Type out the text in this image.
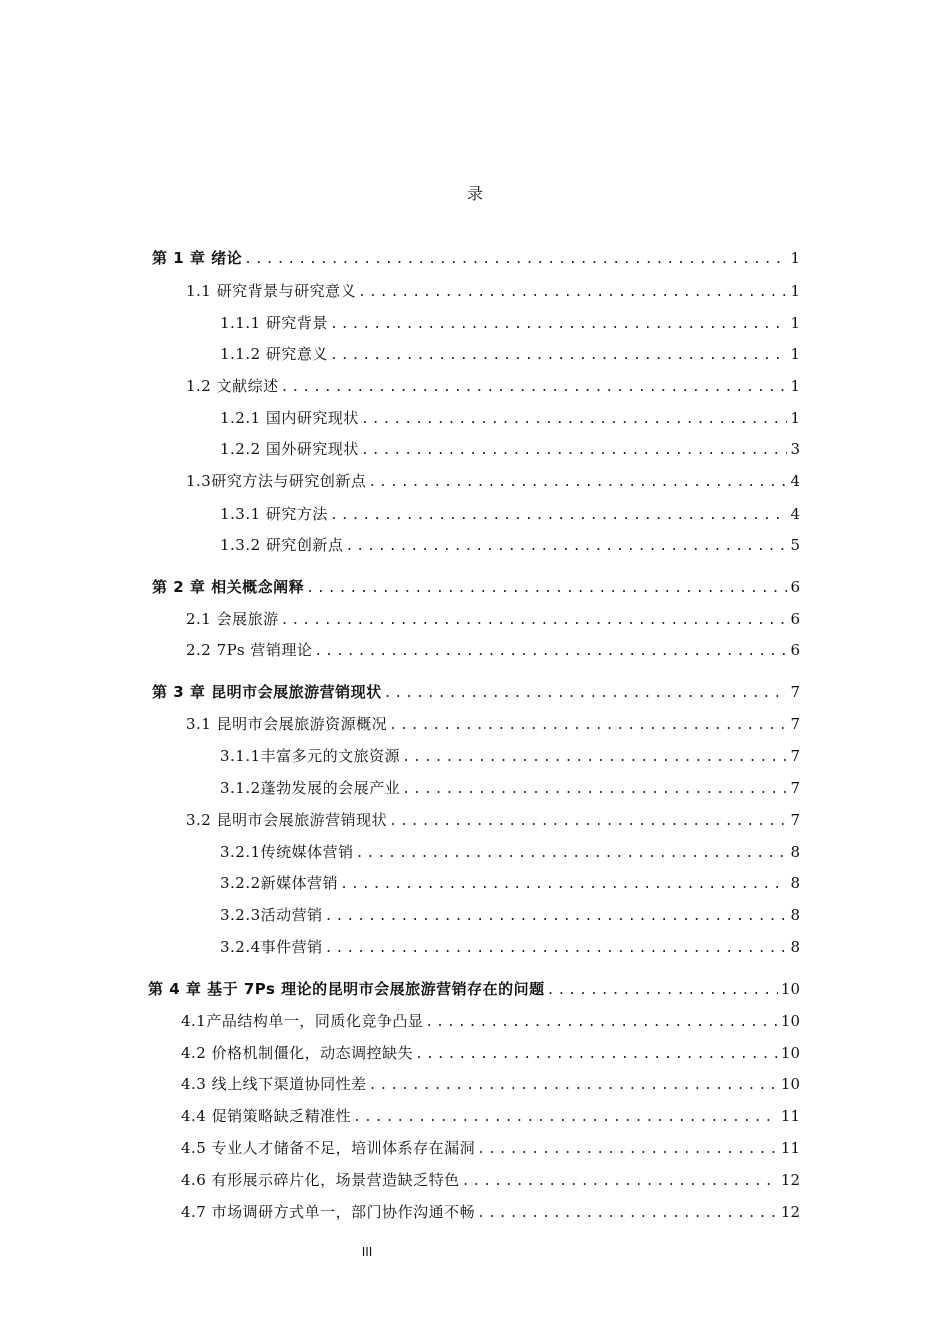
录
第 1 章 绪论 .....	1
1.1 研究背景与研究意义 .....	1
1.1.1 研究背景 .....	1
1.1.2 研究意义 .....	1
1.2 文献综述 .....	1
1.2.1 国内研究现状 .....	1
1.2.2 国外研究现状 .....	3
1.3研究方法与研究创新点 .....	4
1.3.1 研究方法 .....	4
1.3.2 研究创新点 .....	5
第 2 章 相关概念阐释 .....	6
2.1 会展旅游 .....	6
2.2 7Ps 营销理论 .....	6
第 3 章 昆明市会展旅游营销现状 .....	7
3.1 昆明市会展旅游资源概况 .....	7
3.1.1丰富多元的文旅资源 .....	7
3.1.2蓬勃发展的会展产业 .....	7
3.2 昆明市会展旅游营销现状 .....	7
3.2.1传统媒体营销 .....	8
3.2.2新媒体营销 .....	8
3.2.3活动营销 .....	8
3.2.4事件营销 .....	8
第 4 章 基于 7Ps 理论的昆明市会展旅游营销存在的问题 .....	10
4.1产品结构单一，同质化竞争凸显 .....	10
4.2 价格机制僵化，动态调控缺失 .....	10
4.3 线上线下渠道协同性差 .....	10
4.4 促销策略缺乏精准性 .....	11
4.5 专业人才储备不足，培训体系存在漏洞 .....	11
4.6 有形展示碎片化，场景营造缺乏特色 .....	12
4.7 市场调研方式单一，部门协作沟通不畅 .....	12
III
